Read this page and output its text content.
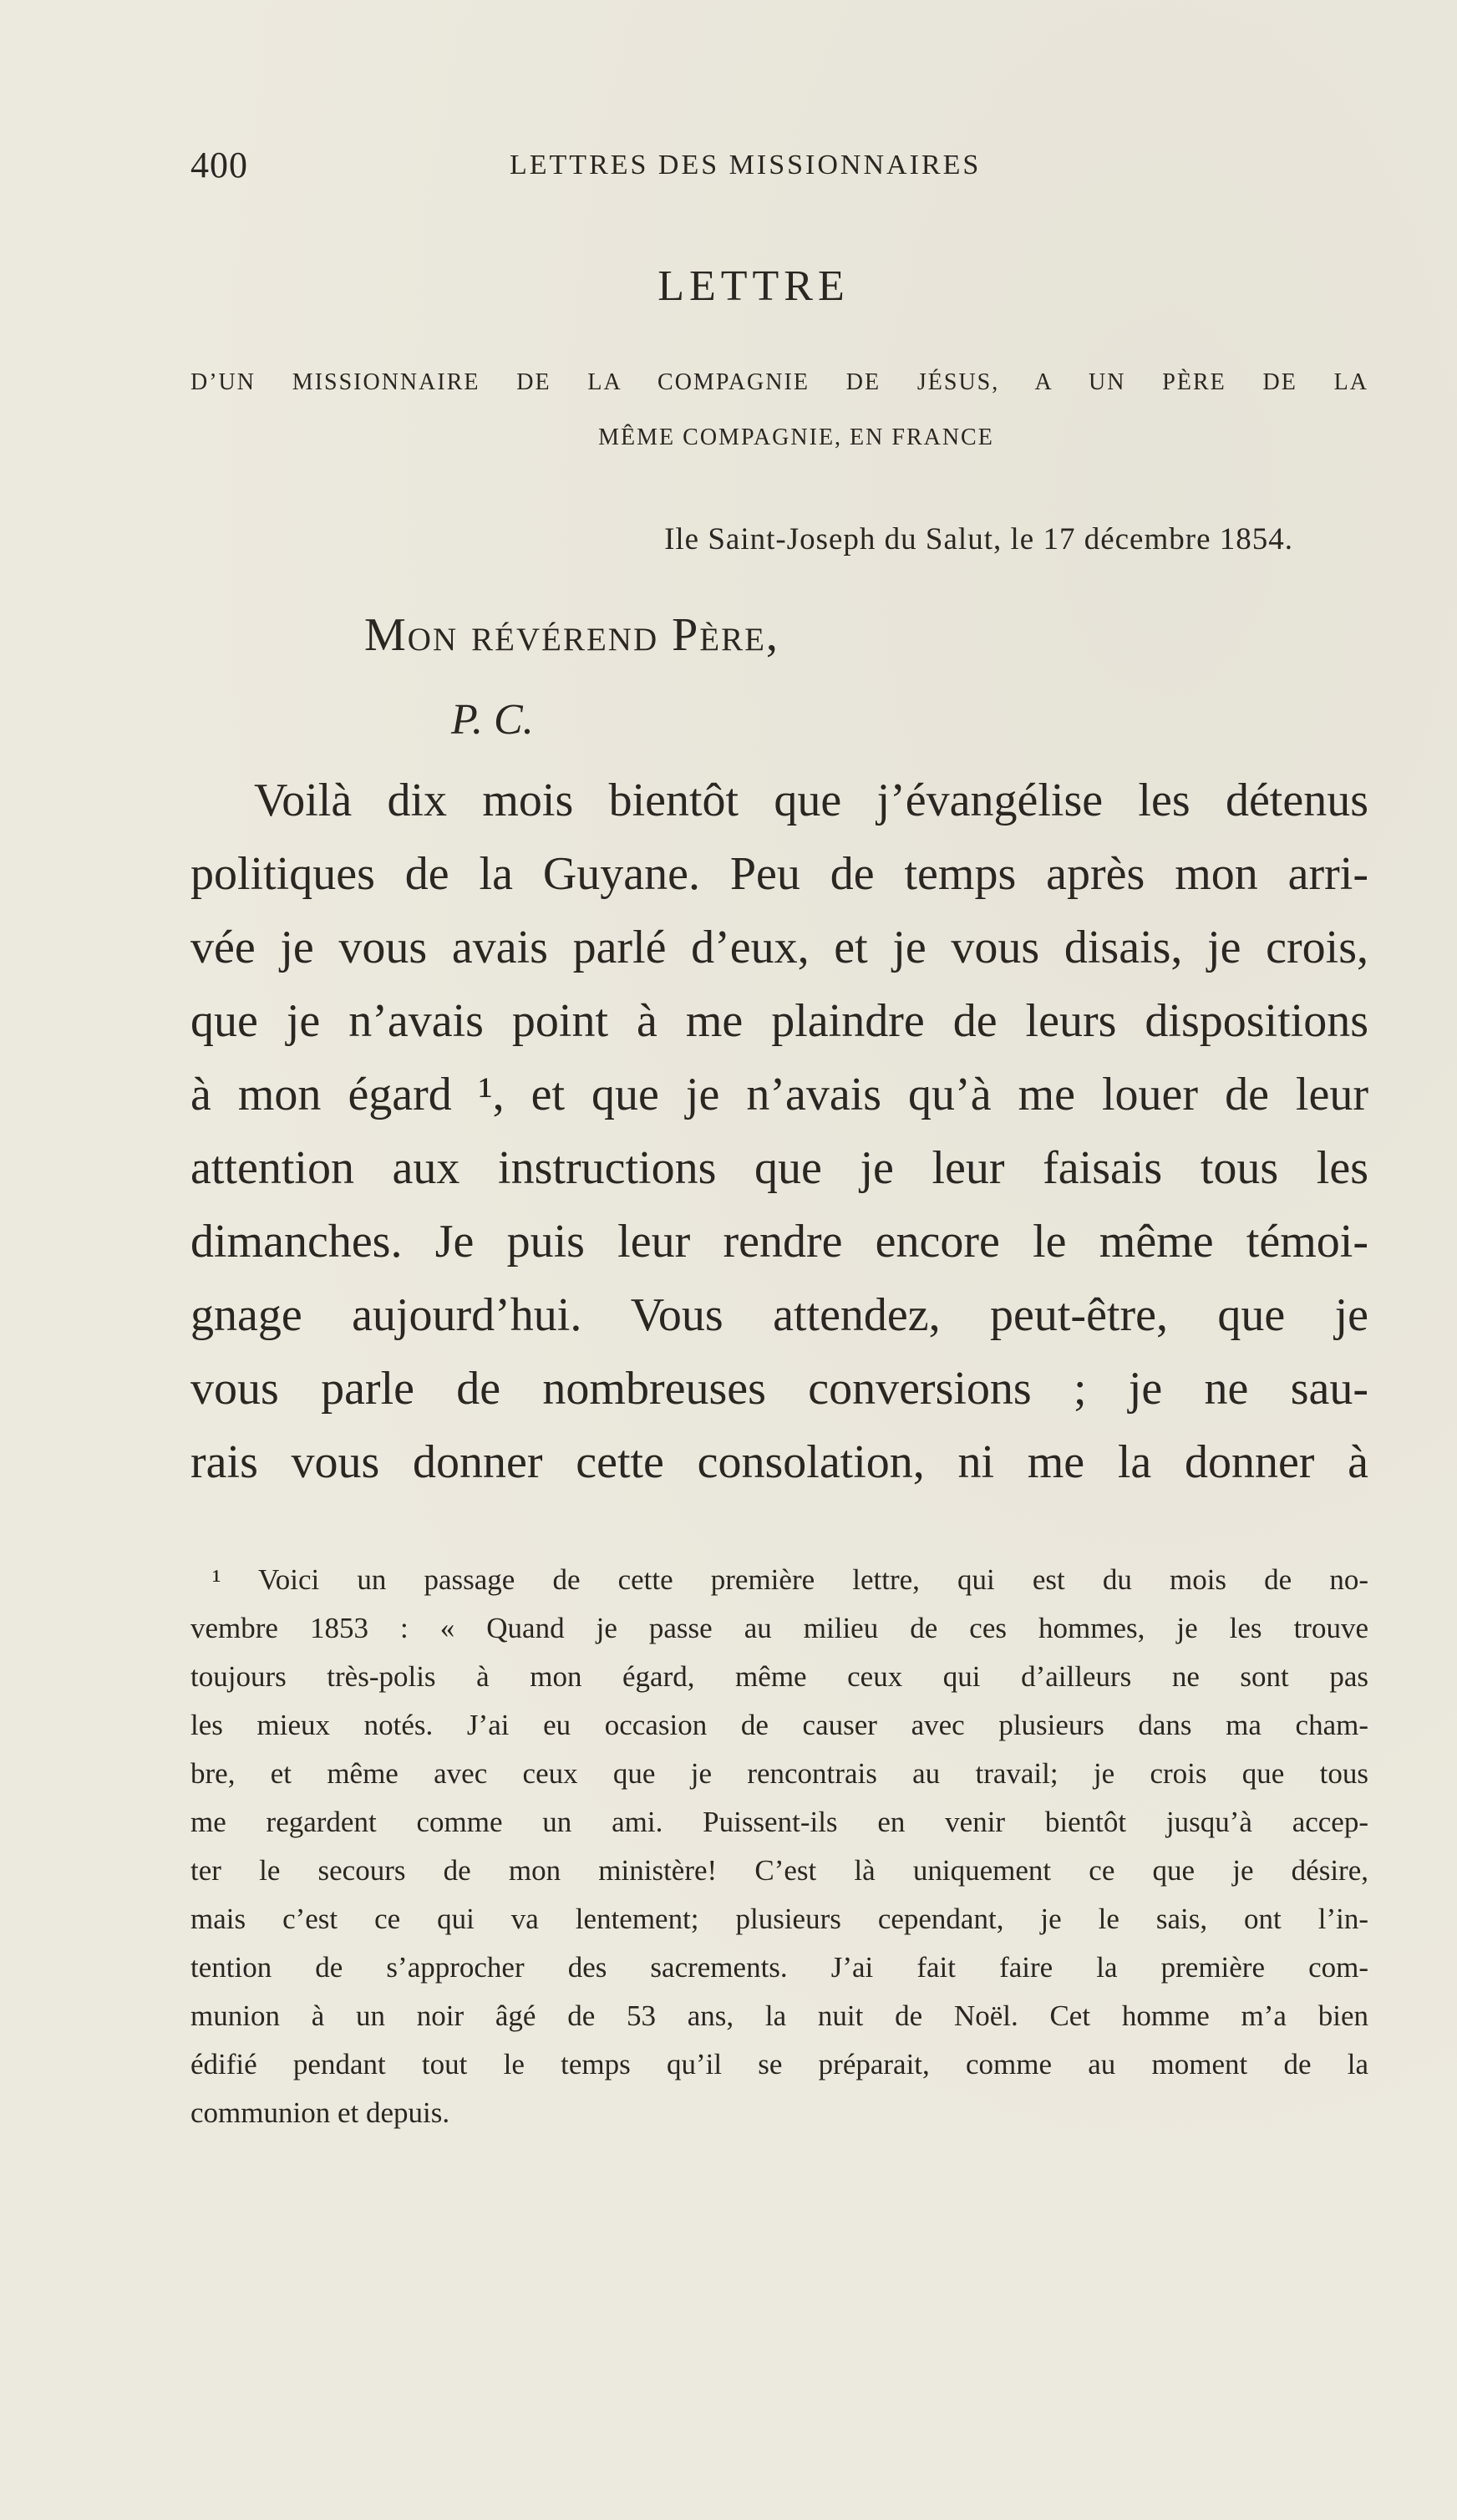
400	LETTRES DES MISSIONNAIRES
LETTRE
D’UN MISSIONNAIRE DE LA COMPAGNIE DE JÉSUS, A UN PÈRE DE LA
MÊME COMPAGNIE, EN FRANCE
Ile Saint-Joseph du Salut, le 17 décembre 1854.
Mon révérend Père,
P. C.
Voilà dix mois bientôt que j’évangélise les détenus
politiques de la Guyane. Peu de temps après mon arri-
vée je vous avais parlé d’eux, et je vous disais, je crois,
que je n’avais point à me plaindre de leurs dispositions
à mon égard ¹, et que je n’avais qu’à me louer de leur
attention aux instructions que je leur faisais tous les
dimanches. Je puis leur rendre encore le même témoi-
gnage aujourd’hui. Vous attendez, peut-être, que je
vous parle de nombreuses conversions ; je ne sau-
rais vous donner cette consolation, ni me la donner à
¹ Voici un passage de cette première lettre, qui est du mois de no-
vembre 1853 : « Quand je passe au milieu de ces hommes, je les trouve
toujours très-polis à mon égard, même ceux qui d’ailleurs ne sont pas
les mieux notés. J’ai eu occasion de causer avec plusieurs dans ma cham-
bre, et même avec ceux que je rencontrais au travail; je crois que tous
me regardent comme un ami. Puissent-ils en venir bientôt jusqu’à accep-
ter le secours de mon ministère! C’est là uniquement ce que je désire,
mais c’est ce qui va lentement; plusieurs cependant, je le sais, ont l’in-
tention de s’approcher des sacrements. J’ai fait faire la première com-
munion à un noir âgé de 53 ans, la nuit de Noël. Cet homme m’a bien
édifié pendant tout le temps qu’il se préparait, comme au moment de la
communion et depuis.
